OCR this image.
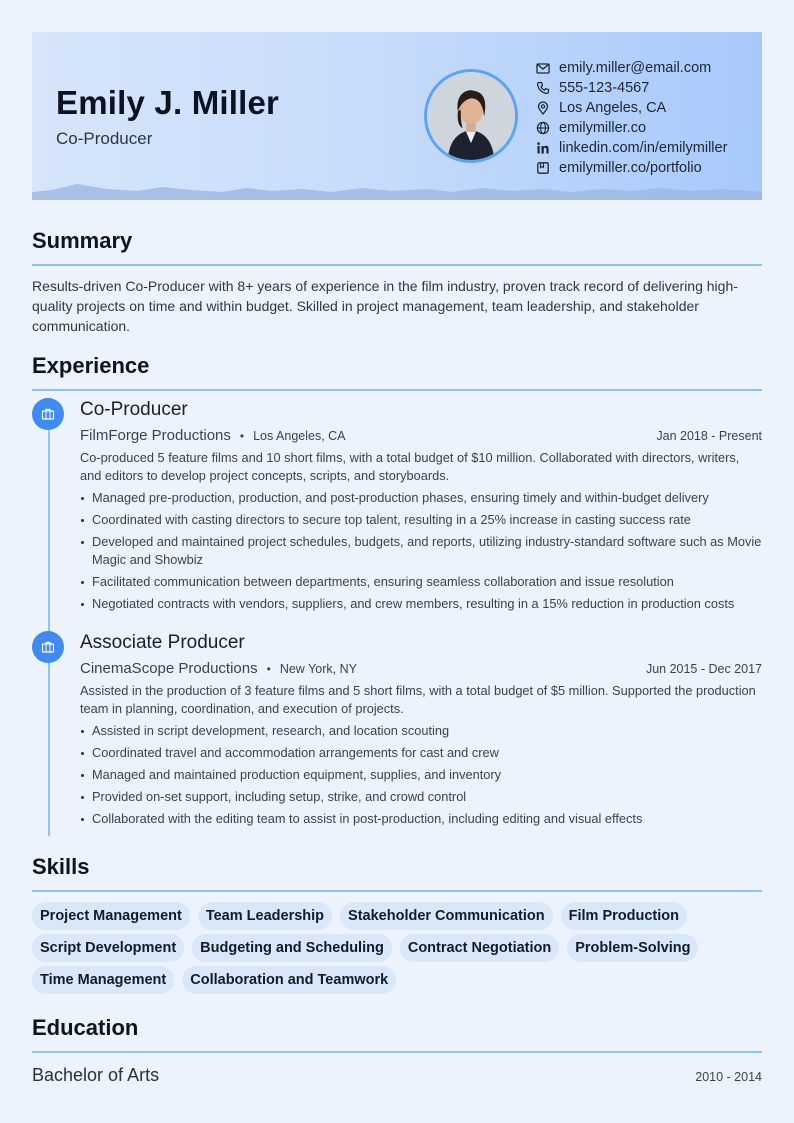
Emily J. Miller
Co-Producer
emily.miller@email.com
555-123-4567
Los Angeles, CA
emilymiller.co
linkedin.com/in/emilymiller
emilymiller.co/portfolio
Summary
Results-driven Co-Producer with 8+ years of experience in the film industry, proven track record of delivering high-quality projects on time and within budget. Skilled in project management, team leadership, and stakeholder communication.
Experience
Co-Producer
FilmForge Productions • Los Angeles, CA	Jan 2018 - Present
Co-produced 5 feature films and 10 short films, with a total budget of $10 million. Collaborated with directors, writers, and editors to develop project concepts, scripts, and storyboards.
Managed pre-production, production, and post-production phases, ensuring timely and within-budget delivery
Coordinated with casting directors to secure top talent, resulting in a 25% increase in casting success rate
Developed and maintained project schedules, budgets, and reports, utilizing industry-standard software such as Movie Magic and Showbiz
Facilitated communication between departments, ensuring seamless collaboration and issue resolution
Negotiated contracts with vendors, suppliers, and crew members, resulting in a 15% reduction in production costs
Associate Producer
CinemaScope Productions • New York, NY	Jun 2015 - Dec 2017
Assisted in the production of 3 feature films and 5 short films, with a total budget of $5 million. Supported the production team in planning, coordination, and execution of projects.
Assisted in script development, research, and location scouting
Coordinated travel and accommodation arrangements for cast and crew
Managed and maintained production equipment, supplies, and inventory
Provided on-set support, including setup, strike, and crowd control
Collaborated with the editing team to assist in post-production, including editing and visual effects
Skills
Project Management	Team Leadership	Stakeholder Communication	Film Production
Script Development	Budgeting and Scheduling	Contract Negotiation	Problem-Solving
Time Management	Collaboration and Teamwork
Education
Bachelor of Arts	2010 - 2014
